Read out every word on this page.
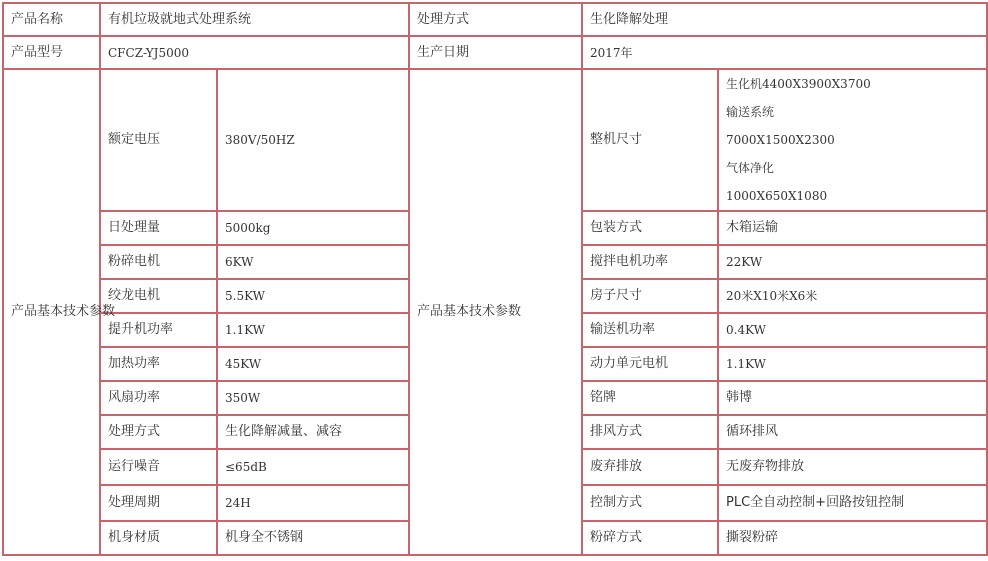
产品名称	有机垃圾就地式处理系统		处理方式	生化降解处理	
产品型号	CFCZ-YJ5000		生产日期	2017年	
产品基本技术参数	额定电压	380V/50HZ	产品基本技术参数	整机尺寸	生化机4400X3900X3700
输送系统
7000X1500X2300
气体净化
1000X650X1080

	日处理量	5000kg		包装方式	木箱运输
	粉碎电机	6KW		搅拌电机功率	22KW
	绞龙电机	5.5KW		房子尺寸	20米X10米X6米
	提升机功率	1.1KW		输送机功率	0.4KW
	加热功率	45KW		动力单元电机	1.1KW
	风扇功率	350W		铭牌	韩博
	处理方式	生化降解减量、减容		排风方式	循环排风
	运行噪音	≤65dB		废弃排放	无废弃物排放
	处理周期	24H		控制方式	PLC全自动控制+回路按钮控制
	机身材质	机身全不锈钢		粉碎方式	撕裂粉碎
